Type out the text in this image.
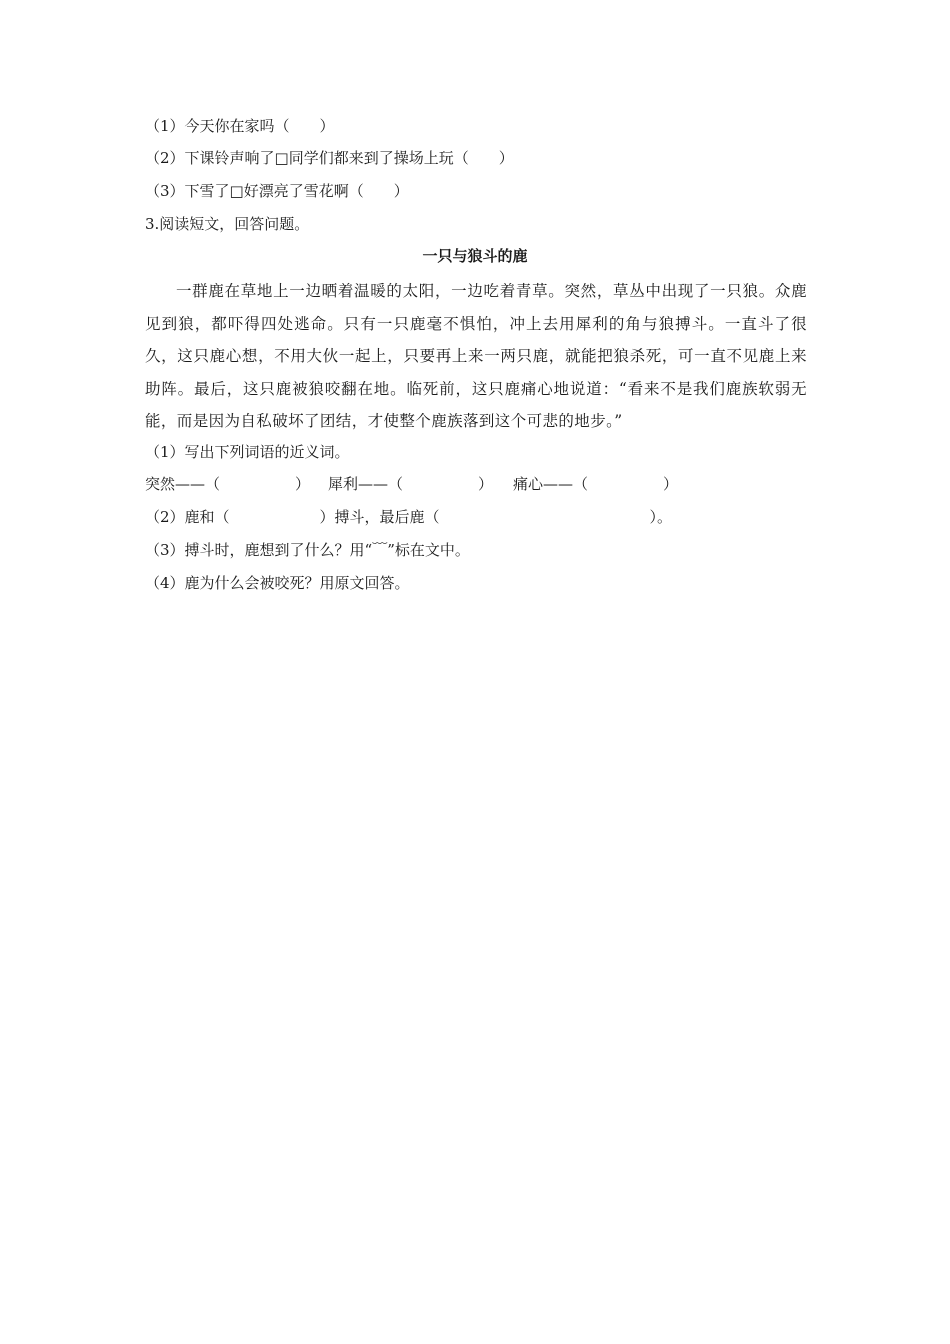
（1）今天你在家吗（　　）
（2）下课铃声响了□同学们都来到了操场上玩（　　）
（3）下雪了□好漂亮了雪花啊（　　）
3.阅读短文，回答问题。
一只与狼斗的鹿
一群鹿在草地上一边晒着温暖的太阳，一边吃着青草。突然，草丛中出现了一只狼。众鹿见到狼，都吓得四处逃命。只有一只鹿毫不惧怕，冲上去用犀利的角与狼搏斗。一直斗了很久，这只鹿心想，不用大伙一起上，只要再上来一两只鹿，就能把狼杀死，可一直不见鹿上来助阵。最后，这只鹿被狼咬翻在地。临死前，这只鹿痛心地说道：“看来不是我们鹿族软弱无能，而是因为自私破坏了团结，才使整个鹿族落到这个可悲的地步。”
（1）写出下列词语的近义词。
突然——（　　　　　） 犀利——（　　　　　） 痛心——（　　　　　）
（2）鹿和（　　　　　　）搏斗，最后鹿（　　　　　　　　　　　　　　）。
（3）搏斗时，鹿想到了什么？用“﹋”标在文中。
（4）鹿为什么会被咬死？用原文回答。
